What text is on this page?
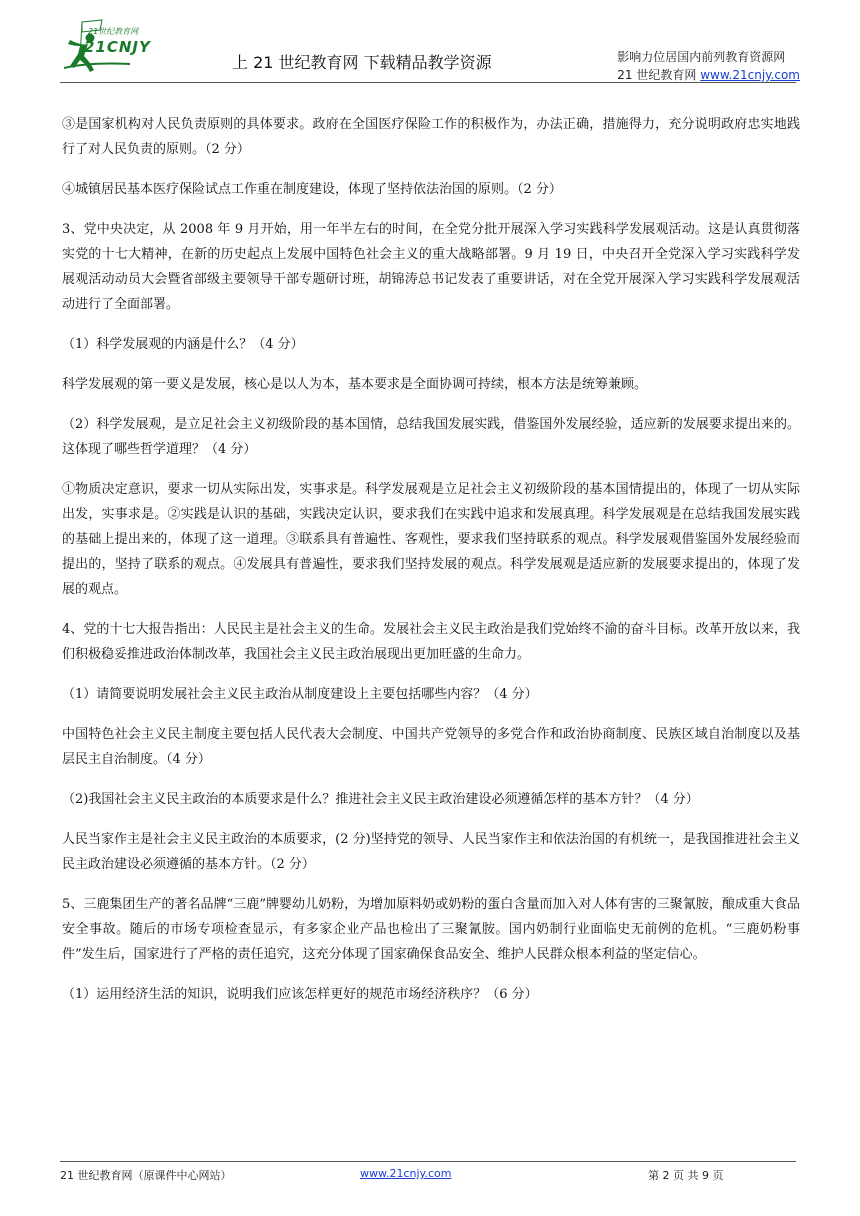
21世纪教育网
21CNJY
上 21 世纪教育网 下载精品教学资源	影响力位居国内前列教育资源网
21 世纪教育网 www.21cnjy.com

③是国家机构对人民负责原则的具体要求。政府在全国医疗保险工作的积极作为，办法正确，措施得力，充分说明政府忠实地践行了对人民负责的原则。（2 分）

④城镇居民基本医疗保险试点工作重在制度建设，体现了坚持依法治国的原则。（2 分）

3、党中央决定，从 2008 年 9 月开始，用一年半左右的时间，在全党分批开展深入学习实践科学发展观活动。这是认真贯彻落实党的十七大精神，在新的历史起点上发展中国特色社会主义的重大战略部署。9 月 19 日，中央召开全党深入学习实践科学发展观活动动员大会暨省部级主要领导干部专题研讨班，胡锦涛总书记发表了重要讲话，对在全党开展深入学习实践科学发展观活动进行了全面部署。

（1）科学发展观的内涵是什么？（4 分）

科学发展观的第一要义是发展，核心是以人为本，基本要求是全面协调可持续，根本方法是统筹兼顾。

（2）科学发展观，是立足社会主义初级阶段的基本国情，总结我国发展实践，借鉴国外发展经验，适应新的发展要求提出来的。这体现了哪些哲学道理？（4 分）

①物质决定意识，要求一切从实际出发，实事求是。科学发展观是立足社会主义初级阶段的基本国情提出的，体现了一切从实际出发，实事求是。②实践是认识的基础，实践决定认识，要求我们在实践中追求和发展真理。科学发展观是在总结我国发展实践的基础上提出来的，体现了这一道理。③联系具有普遍性、客观性，要求我们坚持联系的观点。科学发展观借鉴国外发展经验而提出的，坚持了联系的观点。④发展具有普遍性，要求我们坚持发展的观点。科学发展观是适应新的发展要求提出的，体现了发展的观点。

4、党的十七大报告指出：人民民主是社会主义的生命。发展社会主义民主政治是我们党始终不渝的奋斗目标。改革开放以来，我们积极稳妥推进政治体制改革，我国社会主义民主政治展现出更加旺盛的生命力。

（1）请简要说明发展社会主义民主政治从制度建设上主要包括哪些内容？（4 分）

中国特色社会主义民主制度主要包括人民代表大会制度、中国共产党领导的多党合作和政治协商制度、民族区域自治制度以及基层民主自治制度。（4 分）

（2)我国社会主义民主政治的本质要求是什么？推进社会主义民主政治建设必须遵循怎样的基本方针？（4 分）

人民当家作主是社会主义民主政治的本质要求，(2 分)坚持党的领导、人民当家作主和依法治国的有机统一，是我国推进社会主义民主政治建设必须遵循的基本方针。（2 分）

5、三鹿集团生产的著名品牌“三鹿”牌婴幼儿奶粉，为增加原料奶或奶粉的蛋白含量而加入对人体有害的三聚氰胺，酿成重大食品安全事故。随后的市场专项检查显示，有多家企业产品也检出了三聚氰胺。国内奶制行业面临史无前例的危机。“三鹿奶粉事件”发生后，国家进行了严格的责任追究，这充分体现了国家确保食品安全、维护人民群众根本利益的坚定信心。

（1）运用经济生活的知识，说明我们应该怎样更好的规范市场经济秩序？（6 分）

21 世纪教育网（原课件中心网站）	www.21cnjy.com	第 2 页 共 9 页
